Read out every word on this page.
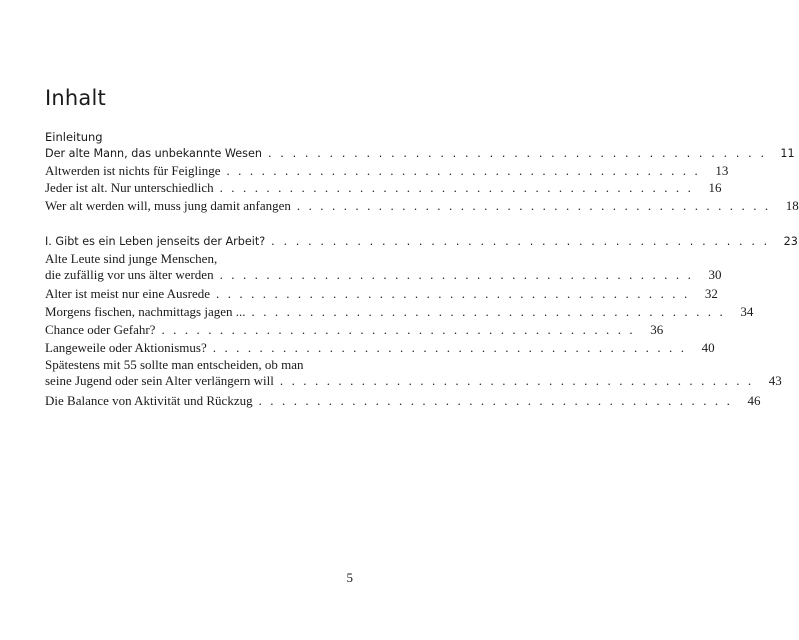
Inhalt
Einleitung
Der alte Mann, das unbekannte Wesen . . . . . . . . . . . . . . . . . . . . . . . . . . . . . . . . . . . . . . . . .	11
Altwerden ist nichts für Feiglinge . . . . . . . . . . . . . . . . . . . . . . . . . . . . . . . . . . . . . . . . .	13
Jeder ist alt. Nur unterschiedlich . . . . . . . . . . . . . . . . . . . . . . . . . . . . . . . . . . . . . . . . .	16
Wer alt werden will, muss jung damit anfangen . . . . . . . . . . . . . . . . . . . . . . . . . . . . . . . . . . . . . . . . .	18
I. Gibt es ein Leben jenseits der Arbeit? . . . . . . . . . . . . . . . . . . . . . . . . . . . . . . . . . . . . . . . . .	23
Alte Leute sind junge Menschen,
die zufällig vor uns älter werden . . . . . . . . . . . . . . . . . . . . . . . . . . . . . . . . . . . . . . . . .	30
Alter ist meist nur eine Ausrede . . . . . . . . . . . . . . . . . . . . . . . . . . . . . . . . . . . . . . . . .	32
Morgens fischen, nachmittags jagen ... . . . . . . . . . . . . . . . . . . . . . . . . . . . . . . . . . . . . . . . . .	34
Chance oder Gefahr? . . . . . . . . . . . . . . . . . . . . . . . . . . . . . . . . . . . . . . . . .	36
Langeweile oder Aktionismus? . . . . . . . . . . . . . . . . . . . . . . . . . . . . . . . . . . . . . . . . .	40
Spätestens mit 55 sollte man entscheiden, ob man
seine Jugend oder sein Alter verlängern will . . . . . . . . . . . . . . . . . . . . . . . . . . . . . . . . . . . . . . . . .	43
Die Balance von Aktivität und Rückzug . . . . . . . . . . . . . . . . . . . . . . . . . . . . . . . . . . . . . . . . .	46
5
